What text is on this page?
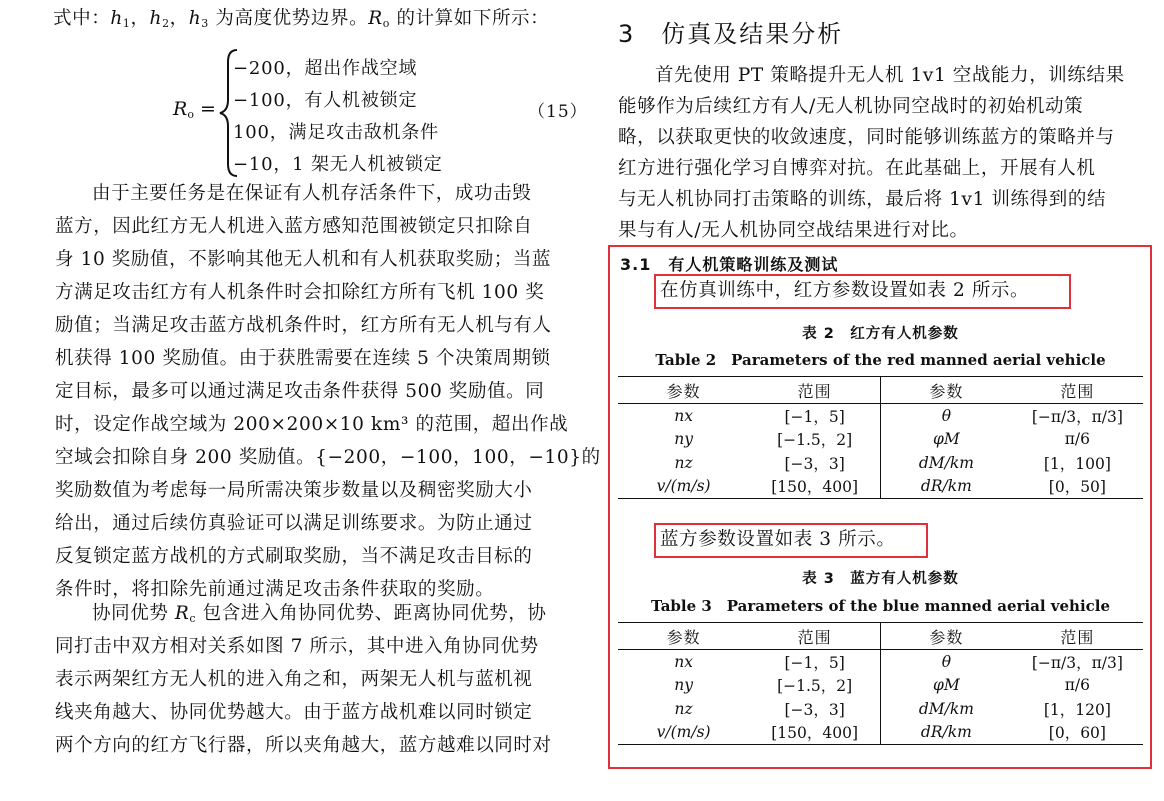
式中：$h_1$，$h_2$，$h_3$ 为高度优势边界。$R_o$ 的计算如下所示：
$R_o$ =
−200，超出作战空域
−100，有人机被锁定
100，满足攻击敌机条件
−10，1 架无人机被锁定
（15）
由于主要任务是在保证有人机存活条件下，成功击毁
蓝方，因此红方无人机进入蓝方感知范围被锁定只扣除自
身 10 奖励值，不影响其他无人机和有人机获取奖励；当蓝
方满足攻击红方有人机条件时会扣除红方所有飞机 100 奖
励值；当满足攻击蓝方战机条件时，红方所有无人机与有人
机获得 100 奖励值。由于获胜需要在连续 5 个决策周期锁
定目标，最多可以通过满足攻击条件获得 500 奖励值。同
时，设定作战空域为 200×200×10 km³ 的范围，超出作战
空域会扣除自身 200 奖励值。{−200，−100，100，−10}的
奖励数值为考虑每一局所需决策步数量以及稠密奖励大小
给出，通过后续仿真验证可以满足训练要求。为防止通过
反复锁定蓝方战机的方式刷取奖励，当不满足攻击目标的
条件时，将扣除先前通过满足攻击条件获取的奖励。
协同优势 $R_c$ 包含进入角协同优势、距离协同优势，协
同打击中双方相对关系如图 7 所示，其中进入角协同优势
表示两架红方无人机的进入角之和，两架无人机与蓝机视
线夹角越大、协同优势越大。由于蓝方战机难以同时锁定
两个方向的红方飞行器，所以夹角越大，蓝方越难以同时对
3　仿真及结果分析
首先使用 PT 策略提升无人机 1v1 空战能力，训练结果
能够作为后续红方有人/无人机协同空战时的初始机动策
略，以获取更快的收敛速度，同时能够训练蓝方的策略并与
红方进行强化学习自博弈对抗。在此基础上，开展有人机
与无人机协同打击策略的训练，最后将 1v1 训练得到的结
果与有人/无人机协同空战结果进行对比。
3.1　有人机策略训练及测试
在仿真训练中，红方参数设置如表 2 所示。
表 2　红方有人机参数
Table 2　Parameters of the red manned aerial vehicle
参数	范围	参数	范围
nx	[−1，5]	θ	[−π/3，π/3]
ny	[−1.5，2]	φM	π/6
nz	[−3，3]	dM/km	[1，100]
v/(m/s)	[150，400]	dR/km	[0，50]
蓝方参数设置如表 3 所示。
表 3　蓝方有人机参数
Table 3　Parameters of the blue manned aerial vehicle
参数	范围	参数	范围
nx	[−1，5]	θ	[−π/3，π/3]
ny	[−1.5，2]	φM	π/6
nz	[−3，3]	dM/km	[1，120]
v/(m/s)	[150，400]	dR/km	[0，60]
